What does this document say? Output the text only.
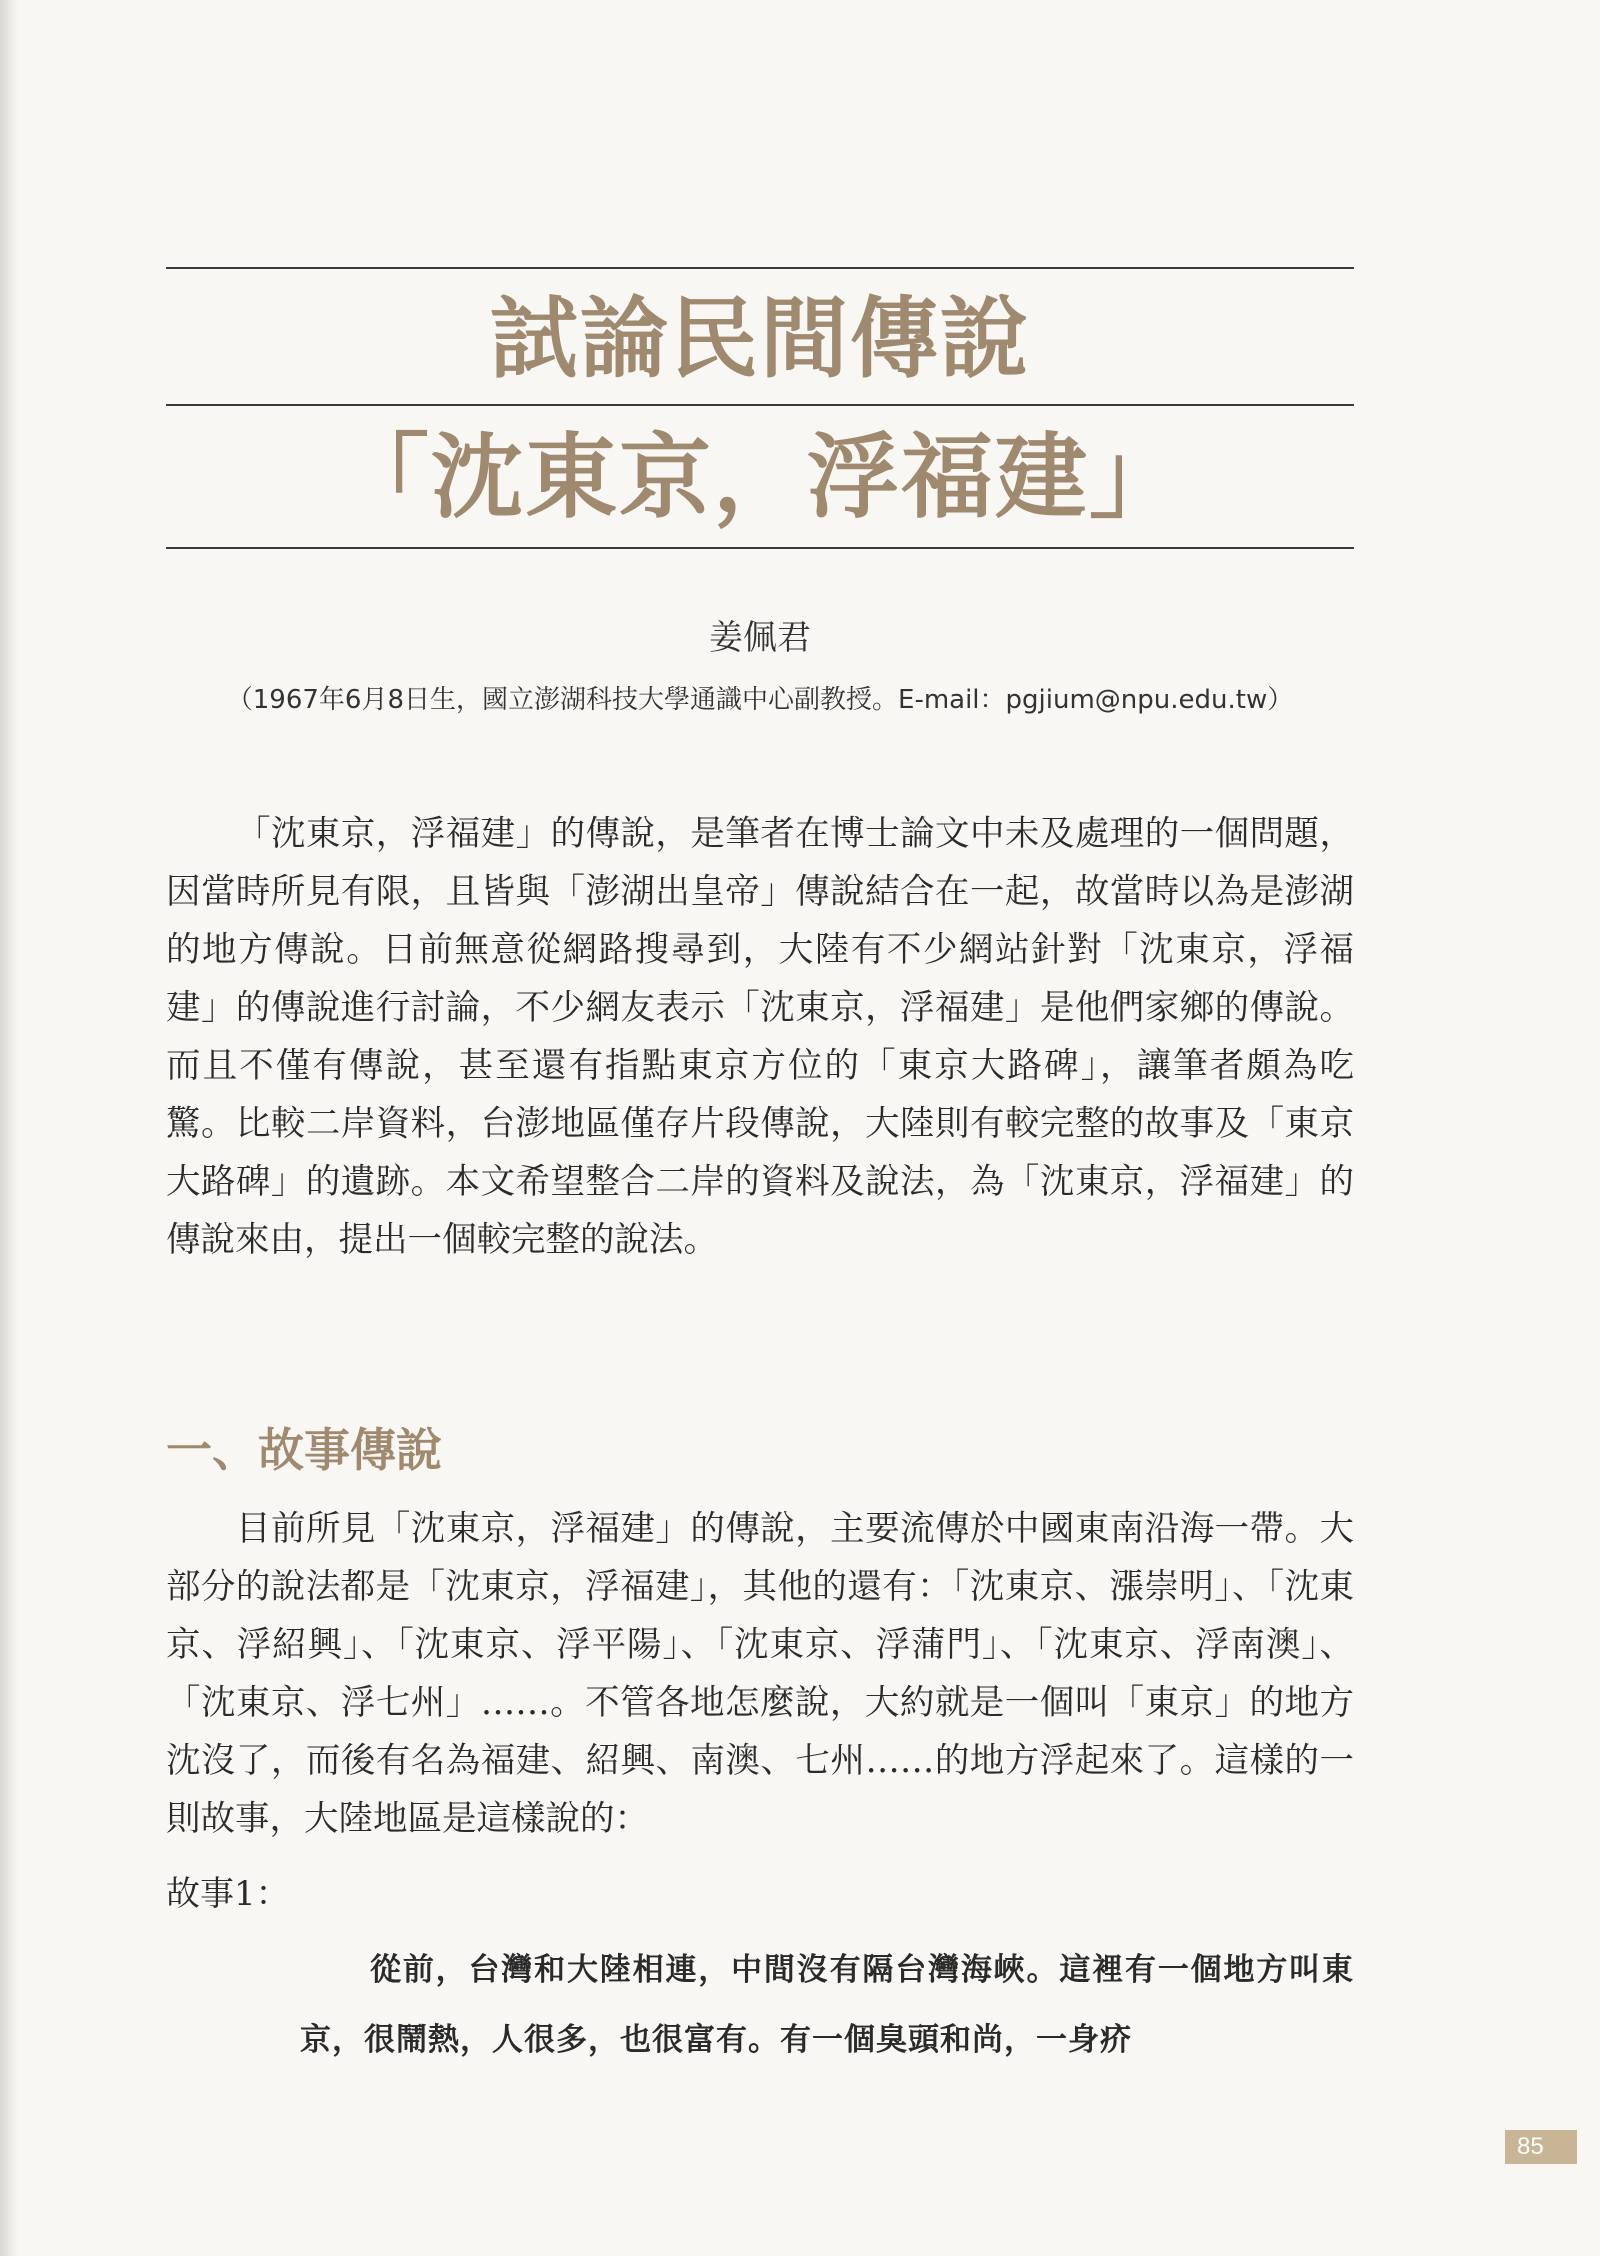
試論民間傳說
「沈東京，浮福建」
姜佩君
（1967年6月8日生，國立澎湖科技大學通識中心副教授。E-mail：pgjium@npu.edu.tw）

「沈東京，浮福建」的傳說，是筆者在博士論文中未及處理的一個問題，因當時所見有限，且皆與「澎湖出皇帝」傳說結合在一起，故當時以為是澎湖的地方傳說。日前無意從網路搜尋到，大陸有不少網站針對「沈東京，浮福建」的傳說進行討論，不少網友表示「沈東京，浮福建」是他們家鄉的傳說。而且不僅有傳說，甚至還有指點東京方位的「東京大路碑」，讓筆者頗為吃驚。比較二岸資料，台澎地區僅存片段傳說，大陸則有較完整的故事及「東京大路碑」的遺跡。本文希望整合二岸的資料及說法，為「沈東京，浮福建」的傳說來由，提出一個較完整的說法。

一、故事傳說

目前所見「沈東京，浮福建」的傳說，主要流傳於中國東南沿海一帶。大部分的說法都是「沈東京，浮福建」，其他的還有：「沈東京、漲崇明」、「沈東京、浮紹興」、「沈東京、浮平陽」、「沈東京、浮蒲門」、「沈東京、浮南澳」、「沈東京、浮七州」……。不管各地怎麼說，大約就是一個叫「東京」的地方沈沒了，而後有名為福建、紹興、南澳、七州……的地方浮起來了。這樣的一則故事，大陸地區是這樣說的：

故事1：

從前，台灣和大陸相連，中間沒有隔台灣海峽。這裡有一個地方叫東京，很鬧熱，人很多，也很富有。有一個臭頭和尚，一身疥

85
